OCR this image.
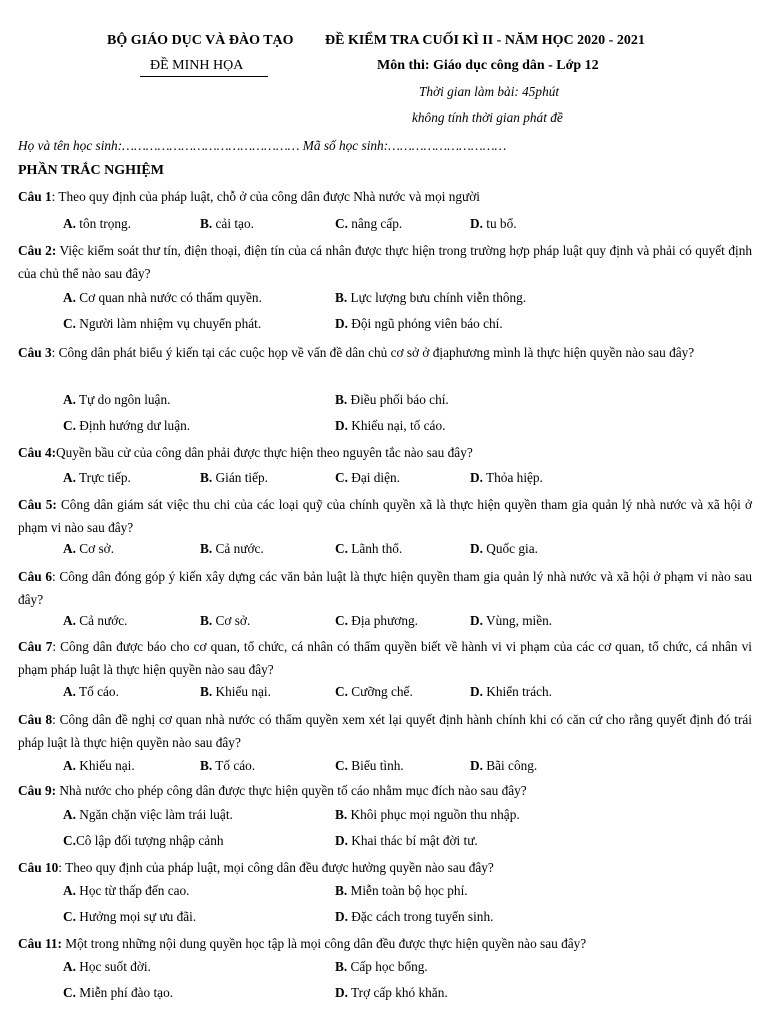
BỘ GIÁO DỤC VÀ ĐÀO TẠO ĐỀ KIỂM TRA CUỐI KÌ II - NĂM HỌC 2020 - 2021
ĐỀ MINH HỌA	Môn thi: Giáo dục công dân - Lớp 12
Thời gian làm bài: 45phút
không tính thời gian phát đề
Họ và tên học sinh:……………………………………… Mã số học sinh:…………………………
PHẦN TRẮC NGHIỆM
Câu 1: Theo quy định của pháp luật, chỗ ở của công dân được Nhà nước và mọi người
A. tôn trọng.	B. cải tạo.	C. nâng cấp.	D. tu bổ.
Câu 2: Việc kiểm soát thư tín, điện thoại, điện tín của cá nhân được thực hiện trong trường hợp pháp luật quy định và phải có quyết định của chủ thể nào sau đây?
A. Cơ quan nhà nước có thẩm quyền.	B. Lực lượng bưu chính viễn thông.
C. Người làm nhiệm vụ chuyển phát.	D. Đội ngũ phóng viên báo chí.
Câu 3: Công dân phát biểu ý kiến tại các cuộc họp về vấn đề dân chủ cơ sở ở địaphương mình là thực hiện quyền nào sau đây?
A. Tự do ngôn luận.	B. Điều phối báo chí.
C. Định hướng dư luận.	D. Khiếu nại, tố cáo.
Câu 4:Quyền bầu cử của công dân phải được thực hiện theo nguyên tắc nào sau đây?
A. Trực tiếp.	B. Gián tiếp.	C. Đại diện.	D. Thỏa hiệp.
Câu 5: Công dân giám sát việc thu chi của các loại quỹ của chính quyền xã là thực hiện quyền tham gia quản lý nhà nước và xã hội ở phạm vi nào sau đây?
A. Cơ sở.	B. Cả nước.	C. Lãnh thổ.	D. Quốc gia.
Câu 6: Công dân đóng góp ý kiến xây dựng các văn bản luật là thực hiện quyền tham gia quản lý nhà nước và xã hội ở phạm vi nào sau đây?
A. Cả nước.	B. Cơ sở.	C. Địa phương.	D. Vùng, miền.
Câu 7: Công dân được báo cho cơ quan, tổ chức, cá nhân có thẩm quyền biết về hành vi vi phạm của các cơ quan, tổ chức, cá nhân vi phạm pháp luật là thực hiện quyền nào sau đây?
A. Tố cáo.	B. Khiếu nại.	C. Cưỡng chế.	D. Khiển trách.
Câu 8: Công dân đề nghị cơ quan nhà nước có thẩm quyền xem xét lại quyết định hành chính khi có căn cứ cho rằng quyết định đó trái pháp luật là thực hiện quyền nào sau đây?
A. Khiếu nại.	B. Tố cáo.	C. Biểu tình.	D. Bãi công.
Câu 9: Nhà nước cho phép công dân được thực hiện quyền tố cáo nhằm mục đích nào sau đây?
A. Ngăn chặn việc làm trái luật.	B. Khôi phục mọi nguồn thu nhập.
C.Cô lập đối tượng nhập cảnh	D. Khai thác bí mật đời tư.
Câu 10: Theo quy định của pháp luật, mọi công dân đều được hưởng quyền nào sau đây?
A. Học từ thấp đến cao.	B. Miễn toàn bộ học phí.
C. Hưởng mọi sự ưu đãi.	D. Đặc cách trong tuyển sinh.
Câu 11: Một trong những nội dung quyền học tập là mọi công dân đều được thực hiện quyền nào sau đây?
A. Học suốt đời.	B. Cấp học bổng.
C. Miễn phí đào tạo.	D. Trợ cấp khó khăn.
